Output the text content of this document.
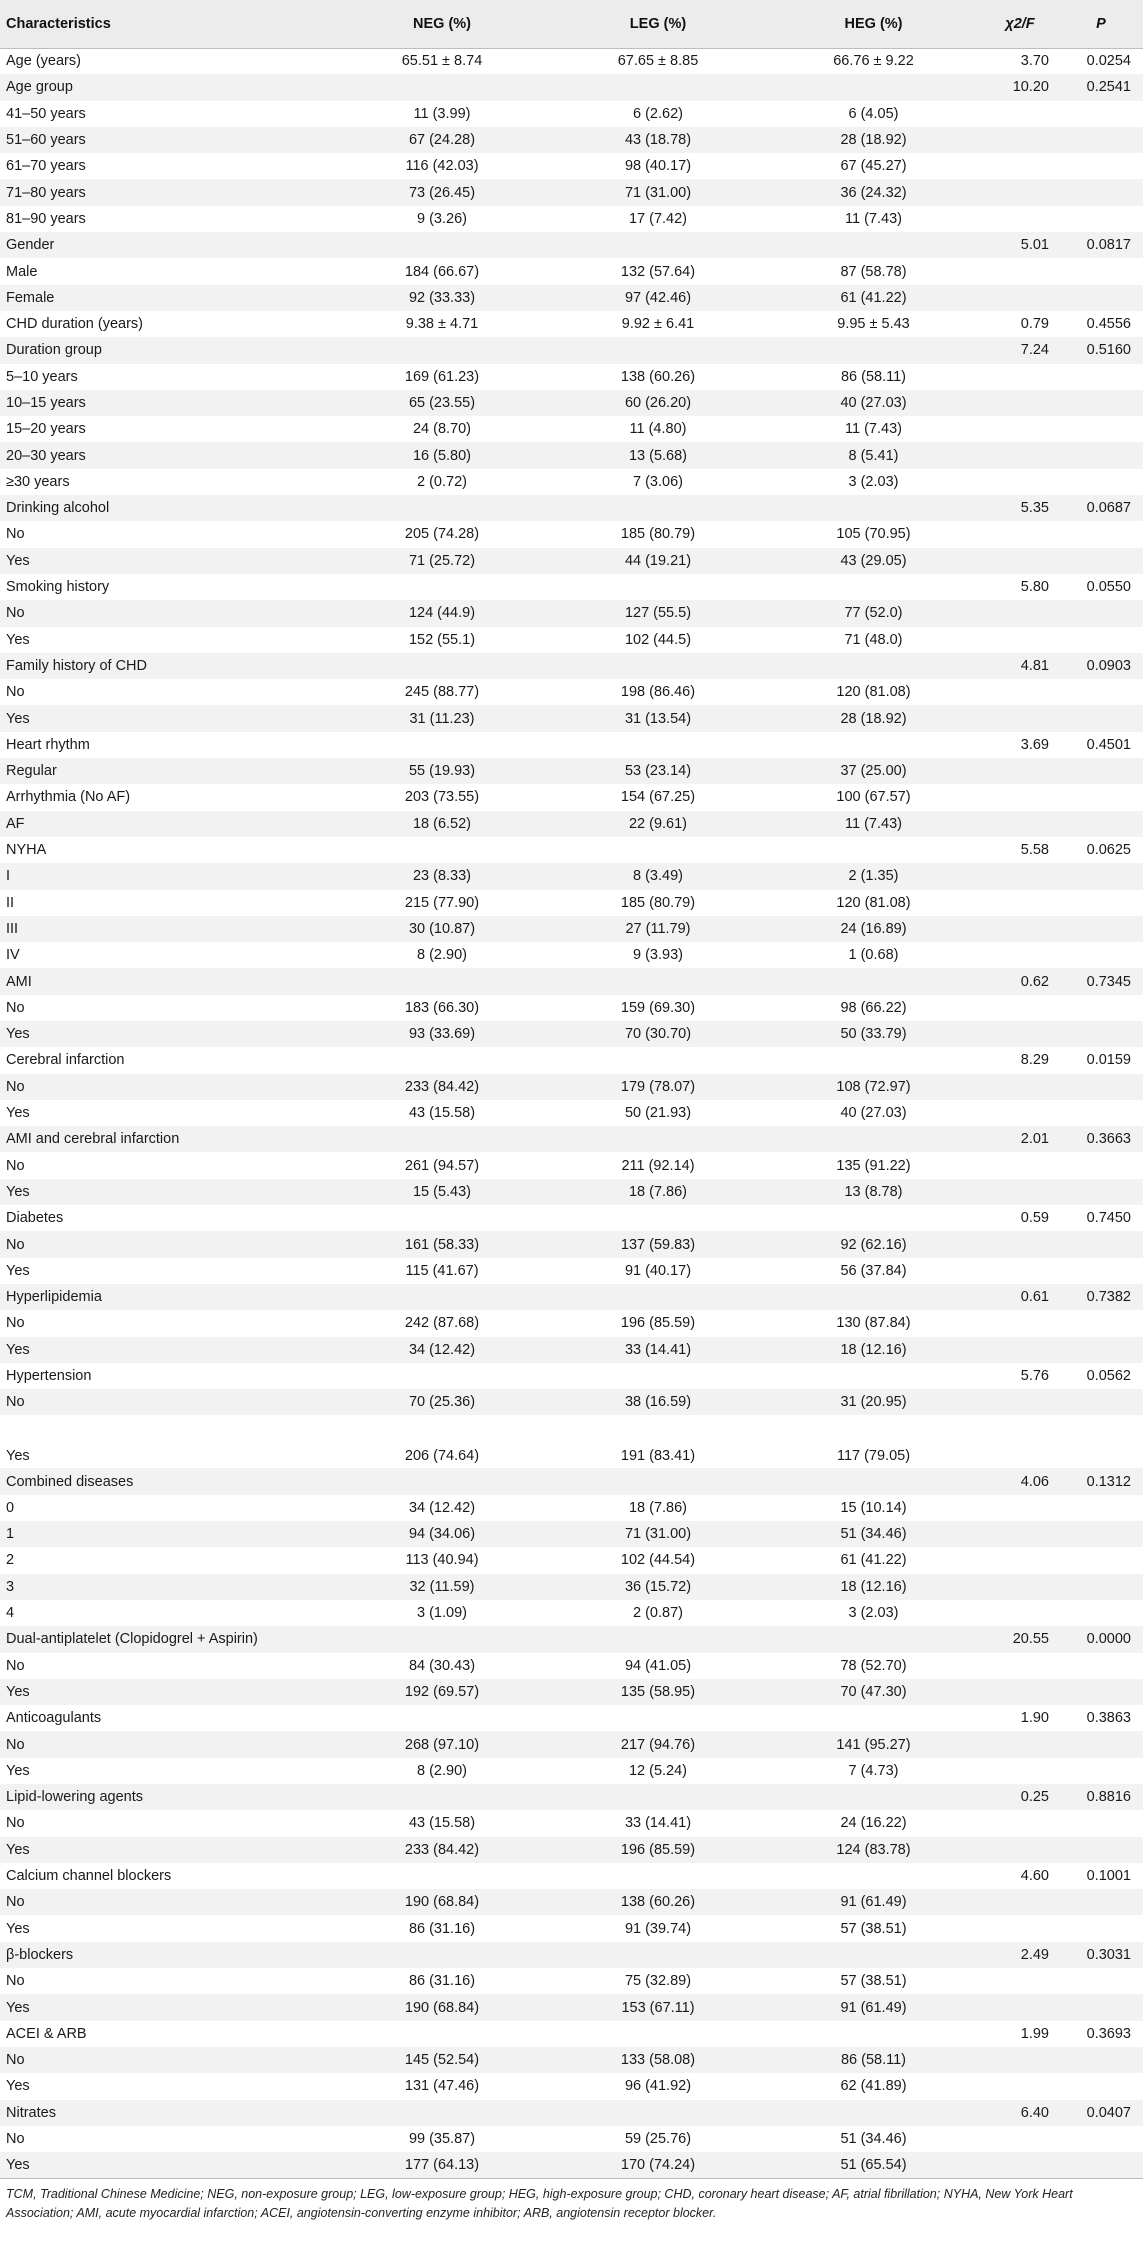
Characteristics	NEG (%)	LEG (%)	HEG (%)	χ2/F	P
Age (years)	65.51 ± 8.74	67.65 ± 8.85	66.76 ± 9.22	3.70	0.0254
Age group				10.20	0.2541
41–50 years	11 (3.99)	6 (2.62)	6 (4.05)		
51–60 years	67 (24.28)	43 (18.78)	28 (18.92)		
61–70 years	116 (42.03)	98 (40.17)	67 (45.27)		
71–80 years	73 (26.45)	71 (31.00)	36 (24.32)		
81–90 years	9 (3.26)	17 (7.42)	11 (7.43)		
Gender				5.01	0.0817
Male	184 (66.67)	132 (57.64)	87 (58.78)		
Female	92 (33.33)	97 (42.46)	61 (41.22)		
CHD duration (years)	9.38 ± 4.71	9.92 ± 6.41	9.95 ± 5.43	0.79	0.4556
Duration group				7.24	0.5160
5–10 years	169 (61.23)	138 (60.26)	86 (58.11)		
10–15 years	65 (23.55)	60 (26.20)	40 (27.03)		
15–20 years	24 (8.70)	11 (4.80)	11 (7.43)		
20–30 years	16 (5.80)	13 (5.68)	8 (5.41)		
≥30 years	2 (0.72)	7 (3.06)	3 (2.03)		
Drinking alcohol				5.35	0.0687
No	205 (74.28)	185 (80.79)	105 (70.95)		
Yes	71 (25.72)	44 (19.21)	43 (29.05)		
Smoking history				5.80	0.0550
No	124 (44.9)	127 (55.5)	77 (52.0)		
Yes	152 (55.1)	102 (44.5)	71 (48.0)		
Family history of CHD				4.81	0.0903
No	245 (88.77)	198 (86.46)	120 (81.08)		
Yes	31 (11.23)	31 (13.54)	28 (18.92)		
Heart rhythm				3.69	0.4501
Regular	55 (19.93)	53 (23.14)	37 (25.00)		
Arrhythmia (No AF)	203 (73.55)	154 (67.25)	100 (67.57)		
AF	18 (6.52)	22 (9.61)	11 (7.43)		
NYHA				5.58	0.0625
I	23 (8.33)	8 (3.49)	2 (1.35)		
II	215 (77.90)	185 (80.79)	120 (81.08)		
III	30 (10.87)	27 (11.79)	24 (16.89)		
IV	8 (2.90)	9 (3.93)	1 (0.68)		
AMI				0.62	0.7345
No	183 (66.30)	159 (69.30)	98 (66.22)		
Yes	93 (33.69)	70 (30.70)	50 (33.79)		
Cerebral infarction				8.29	0.0159
No	233 (84.42)	179 (78.07)	108 (72.97)		
Yes	43 (15.58)	50 (21.93)	40 (27.03)		
AMI and cerebral infarction				2.01	0.3663
No	261 (94.57)	211 (92.14)	135 (91.22)		
Yes	15 (5.43)	18 (7.86)	13 (8.78)		
Diabetes				0.59	0.7450
No	161 (58.33)	137 (59.83)	92 (62.16)		
Yes	115 (41.67)	91 (40.17)	56 (37.84)		
Hyperlipidemia				0.61	0.7382
No	242 (87.68)	196 (85.59)	130 (87.84)		
Yes	34 (12.42)	33 (14.41)	18 (12.16)		
Hypertension				5.76	0.0562
No	70 (25.36)	38 (16.59)	31 (20.95)		
Yes	206 (74.64)	191 (83.41)	117 (79.05)		
Combined diseases				4.06	0.1312
0	34 (12.42)	18 (7.86)	15 (10.14)		
1	94 (34.06)	71 (31.00)	51 (34.46)		
2	113 (40.94)	102 (44.54)	61 (41.22)		
3	32 (11.59)	36 (15.72)	18 (12.16)		
4	3 (1.09)	2 (0.87)	3 (2.03)		
Dual-antiplatelet (Clopidogrel + Aspirin)				20.55	0.0000
No	84 (30.43)	94 (41.05)	78 (52.70)		
Yes	192 (69.57)	135 (58.95)	70 (47.30)		
Anticoagulants				1.90	0.3863
No	268 (97.10)	217 (94.76)	141 (95.27)		
Yes	8 (2.90)	12 (5.24)	7 (4.73)		
Lipid-lowering agents				0.25	0.8816
No	43 (15.58)	33 (14.41)	24 (16.22)		
Yes	233 (84.42)	196 (85.59)	124 (83.78)		
Calcium channel blockers				4.60	0.1001
No	190 (68.84)	138 (60.26)	91 (61.49)		
Yes	86 (31.16)	91 (39.74)	57 (38.51)		
β-blockers				2.49	0.3031
No	86 (31.16)	75 (32.89)	57 (38.51)		
Yes	190 (68.84)	153 (67.11)	91 (61.49)		
ACEI & ARB				1.99	0.3693
No	145 (52.54)	133 (58.08)	86 (58.11)		
Yes	131 (47.46)	96 (41.92)	62 (41.89)		
Nitrates				6.40	0.0407
No	99 (35.87)	59 (25.76)	51 (34.46)		
Yes	177 (64.13)	170 (74.24)	51 (65.54)		
TCM, Traditional Chinese Medicine; NEG, non-exposure group; LEG, low-exposure group; HEG, high-exposure group; CHD, coronary heart disease; AF, atrial fibrillation; NYHA, New York Heart Association; AMI, acute myocardial infarction; ACEI, angiotensin-converting enzyme inhibitor; ARB, angiotensin receptor blocker.
